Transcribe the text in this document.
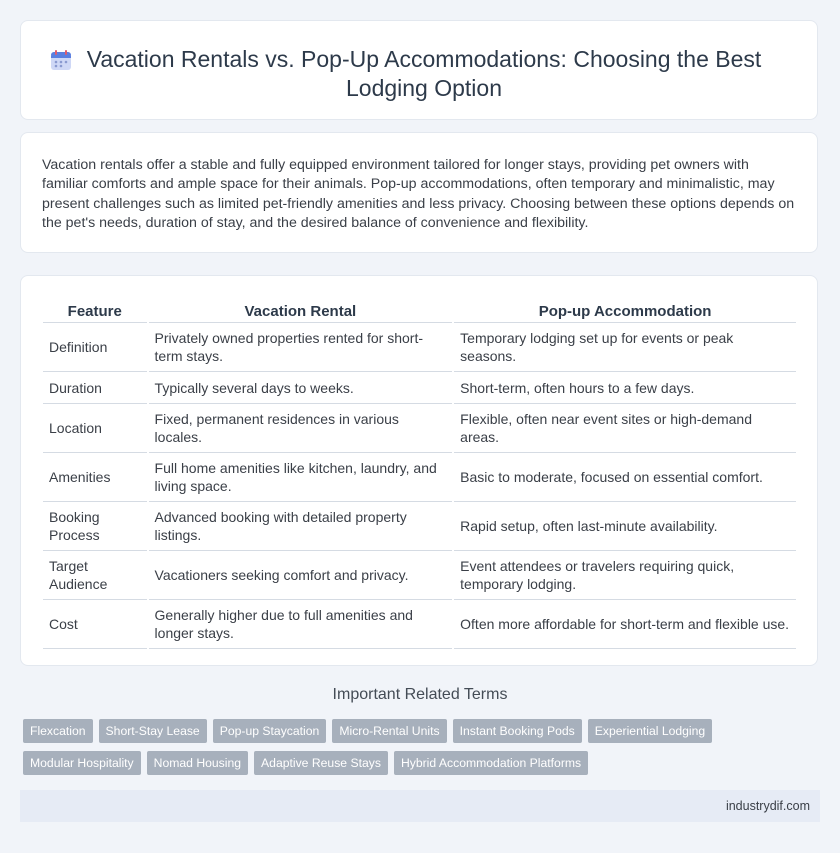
Vacation Rentals vs. Pop-Up Accommodations: Choosing the Best Lodging Option

Vacation rentals offer a stable and fully equipped environment tailored for longer stays, providing pet owners with familiar comforts and ample space for their animals. Pop-up accommodations, often temporary and minimalistic, may present challenges such as limited pet-friendly amenities and less privacy. Choosing between these options depends on the pet's needs, duration of stay, and the desired balance of convenience and flexibility.

Feature	Vacation Rental	Pop-up Accommodation
Definition	Privately owned properties rented for short-term stays.	Temporary lodging set up for events or peak seasons.
Duration	Typically several days to weeks.	Short-term, often hours to a few days.
Location	Fixed, permanent residences in various locales.	Flexible, often near event sites or high-demand areas.
Amenities	Full home amenities like kitchen, laundry, and living space.	Basic to moderate, focused on essential comfort.
Booking Process	Advanced booking with detailed property listings.	Rapid setup, often last-minute availability.
Target Audience	Vacationers seeking comfort and privacy.	Event attendees or travelers requiring quick, temporary lodging.
Cost	Generally higher due to full amenities and longer stays.	Often more affordable for short-term and flexible use.
Important Related Terms
Flexcation	Short-Stay Lease	Pop-up Staycation	Micro-Rental Units	Instant Booking Pods	Experiential Lodging
Modular Hospitality	Nomad Housing	Adaptive Reuse Stays	Hybrid Accommodation Platforms
industrydif.com
